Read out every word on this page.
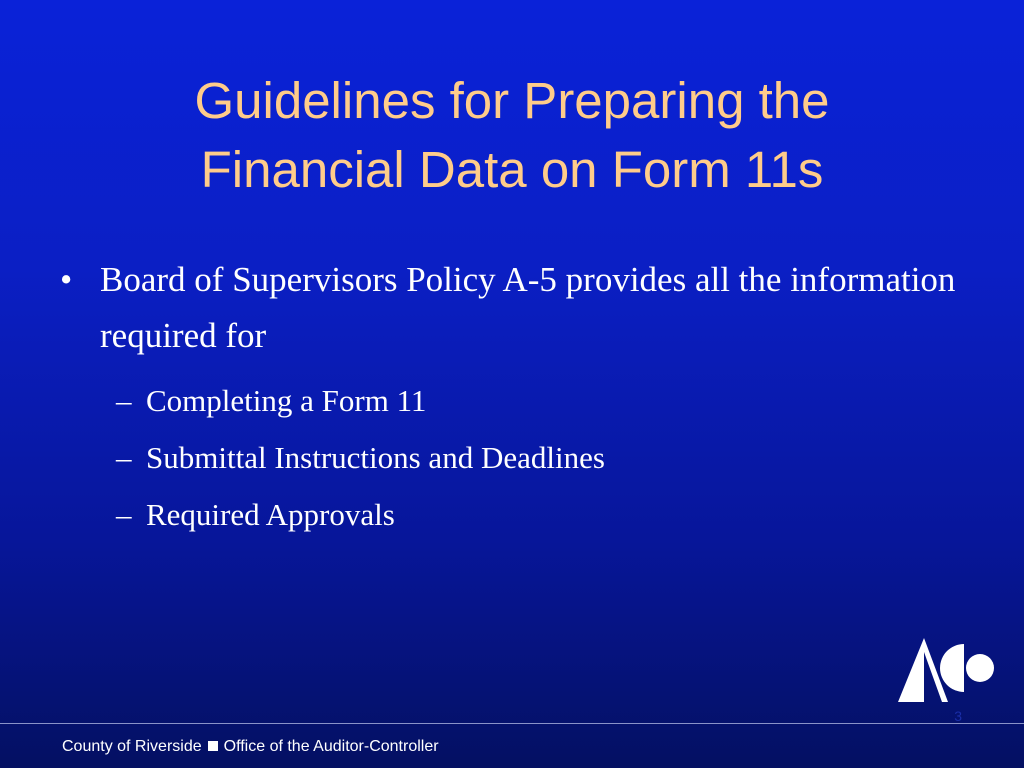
Guidelines for Preparing the
Financial Data on Form 11s
• Board of Supervisors Policy A-5 provides all the information required for
– Completing a Form 11
– Submittal Instructions and Deadlines
– Required Approvals
3
County of Riverside Office of the Auditor-Controller
